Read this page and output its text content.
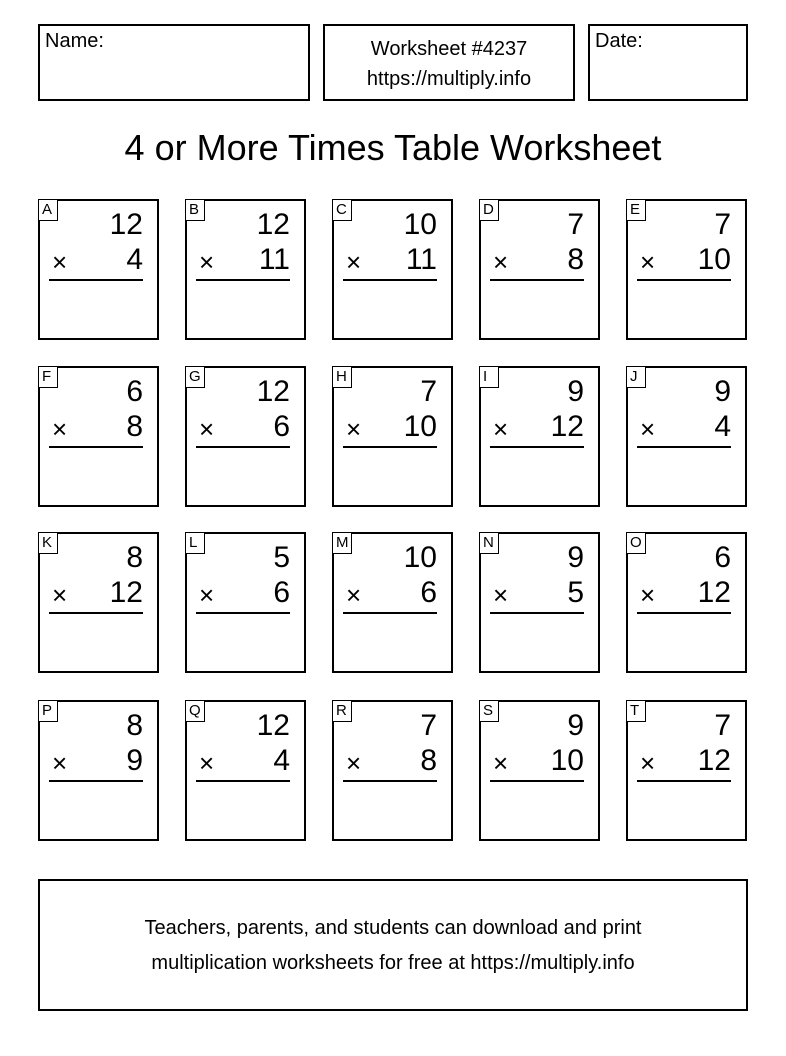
Name:	Worksheet #4237
https://multiply.info
Date:
4 or More Times Table Worksheet
A 12
× 4
B 12
× 11
C 10
× 11
D 7
× 8
E 7
× 10
F	6
× 8
G 12
× 6
H 7
× 10
I	9
× 12
J	9
× 4
K 8
× 12
L	5
× 6
M 10
× 6
N 9
× 5
O 6
× 12
P 8
× 9
Q 12
× 4
R 7
× 8
S 9
× 10
T	7
× 12
Teachers, parents, and students can download and print
multiplication worksheets for free at https://multiply.info
